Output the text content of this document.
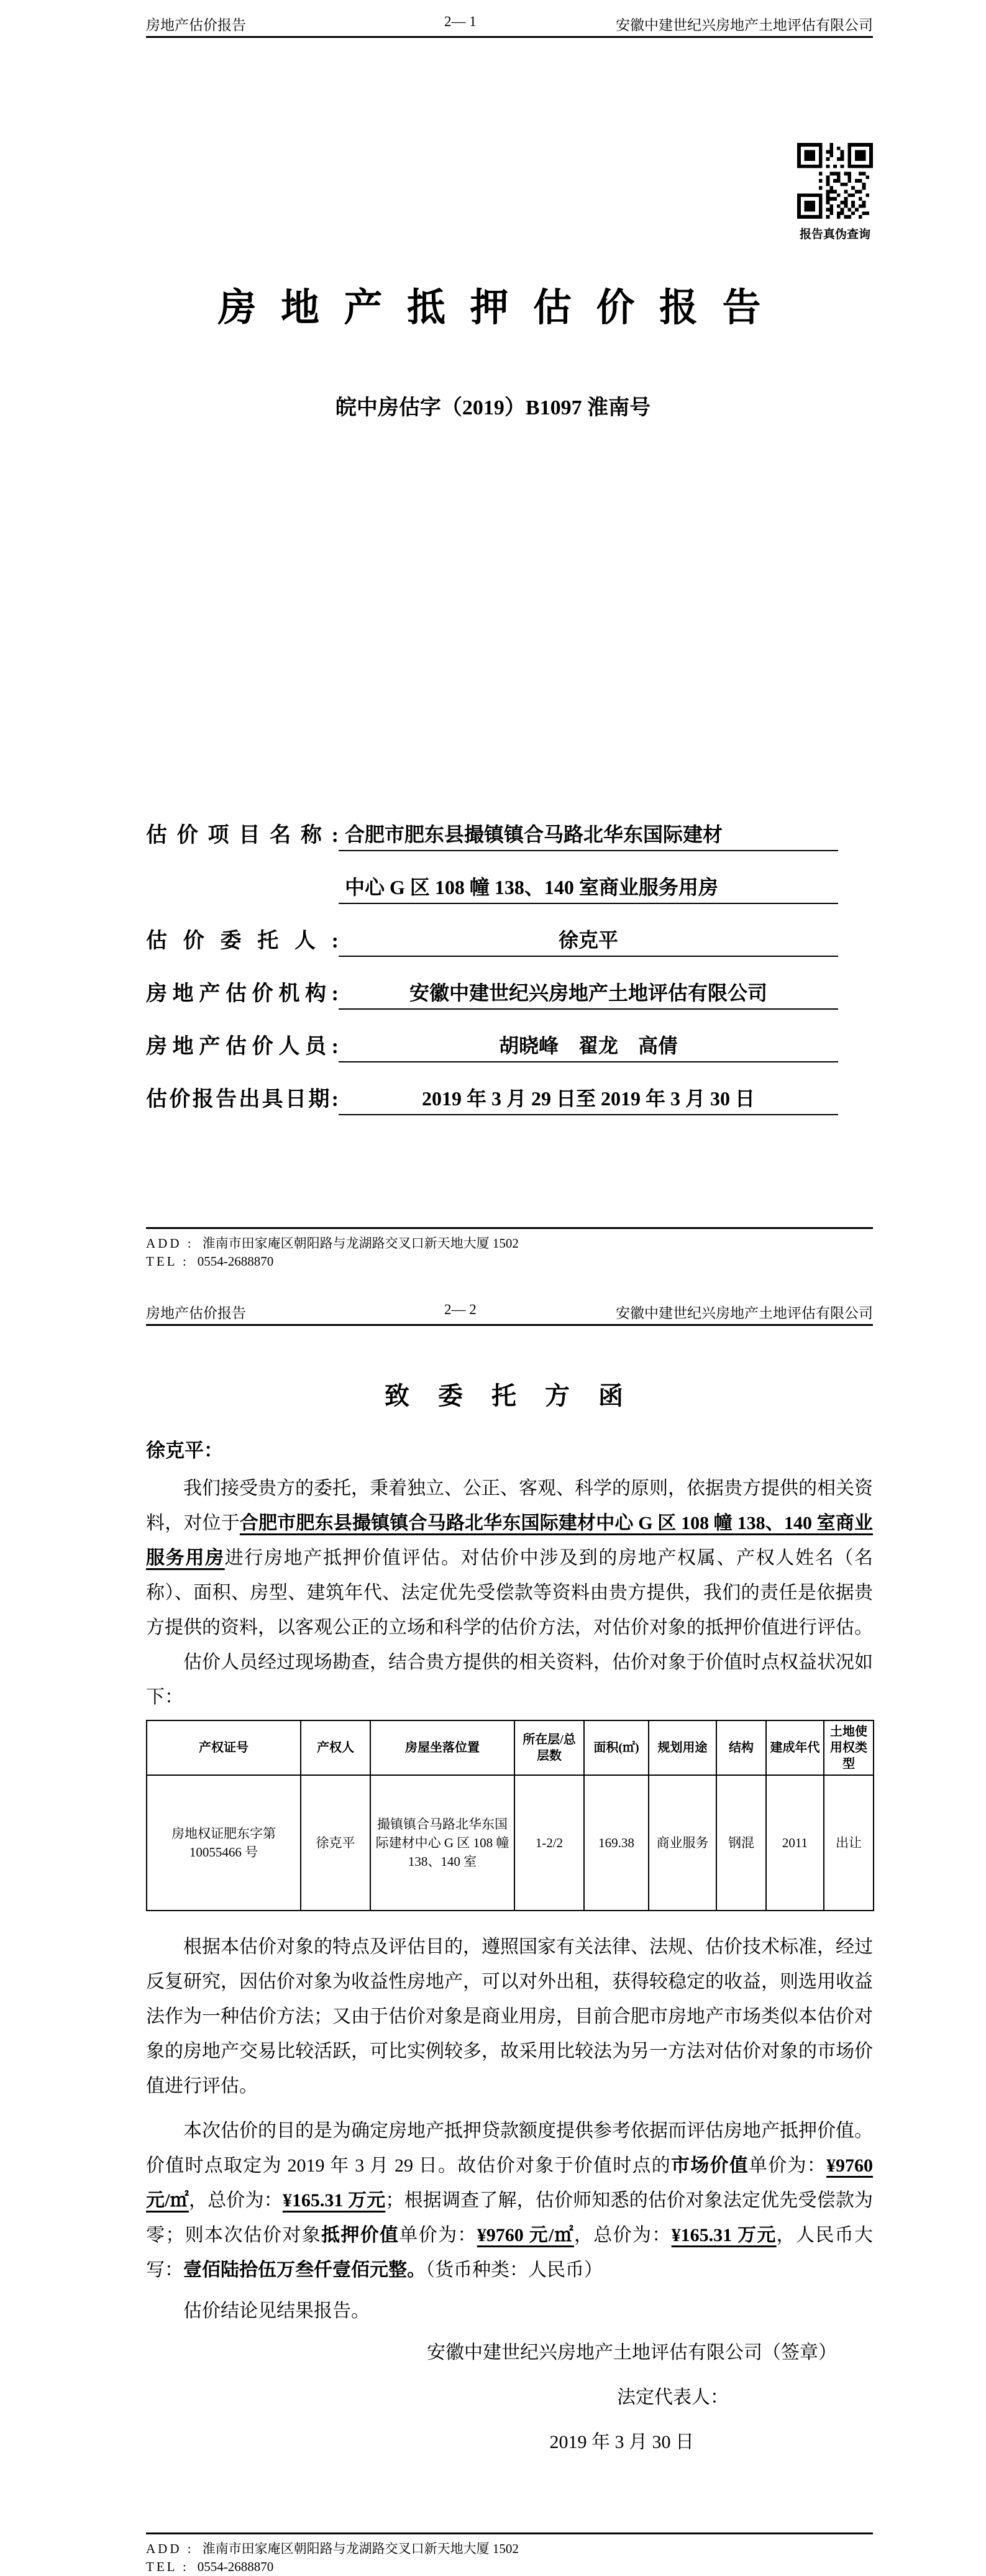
房地产估价报告	2— 1	安徽中建世纪兴房地产土地评估有限公司
报告真伪查询
房 地 产 抵 押 估 价 报 告
皖中房估字（2019）B1097 淮南号
估价项目名称: 合肥市肥东县撮镇镇合马路北华东国际建材
中心 G 区 108 幢 138、140 室商业服务用房
估价委托人:	徐克平
房地产估价机构:	安徽中建世纪兴房地产土地评估有限公司
房地产估价人员:	胡晓峰　翟龙　高倩
估价报告出具日期:	2019 年 3 月 29 日至 2019 年 3 月 30 日
ADD : 淮南市田家庵区朝阳路与龙湖路交叉口新天地大厦 1502
TEL : 0554-2688870
房地产估价报告	2— 2	安徽中建世纪兴房地产土地评估有限公司
致 委 托 方 函
徐克平：

我们接受贵方的委托，秉着独立、公正、客观、科学的原则，依据贵方提供的相关资料，对位于合肥市肥东县撮镇镇合马路北华东国际建材中心 G 区 108 幢 138、140 室商业服务用房进行房地产抵押价值评估。对估价中涉及到的房地产权属、产权人姓名（名称）、面积、房型、建筑年代、法定优先受偿款等资料由贵方提供，我们的责任是依据贵方提供的资料，以客观公正的立场和科学的估价方法，对估价对象的抵押价值进行评估。

估价人员经过现场勘查，结合贵方提供的相关资料，估价对象于价值时点权益状况如下：

产权证号	产权人	房屋坐落位置	所在层/总层数	面积(㎡)	规划用途	结构	建成年代	土地使用权类型
房地权证肥东字第 10055466 号	徐克平	撮镇镇合马路北华东国际建材中心 G 区 108 幢 138、140 室	1-2/2	169.38	商业服务	钢混	2011	出让

根据本估价对象的特点及评估目的，遵照国家有关法律、法规、估价技术标准，经过反复研究，因估价对象为收益性房地产，可以对外出租，获得较稳定的收益，则选用收益法作为一种估价方法；又由于估价对象是商业用房，目前合肥市房地产市场类似本估价对象的房地产交易比较活跃，可比实例较多，故采用比较法为另一方法对估价对象的市场价值进行评估。

本次估价的目的是为确定房地产抵押贷款额度提供参考依据而评估房地产抵押价值。价值时点取定为 2019 年 3 月 29 日。故估价对象于价值时点的市场价值单价为：¥9760 元/㎡，总价为：¥165.31 万元；根据调查了解，估价师知悉的估价对象法定优先受偿款为零；则本次估价对象抵押价值单价为：¥9760 元/㎡，总价为：¥165.31 万元，人民币大写：壹佰陆拾伍万叁仟壹佰元整。（货币种类：人民币）

估价结论见结果报告。

安徽中建世纪兴房地产土地评估有限公司（签章）
法定代表人：
2019 年 3 月 30 日
ADD : 淮南市田家庵区朝阳路与龙湖路交叉口新天地大厦 1502
TEL : 0554-2688870
